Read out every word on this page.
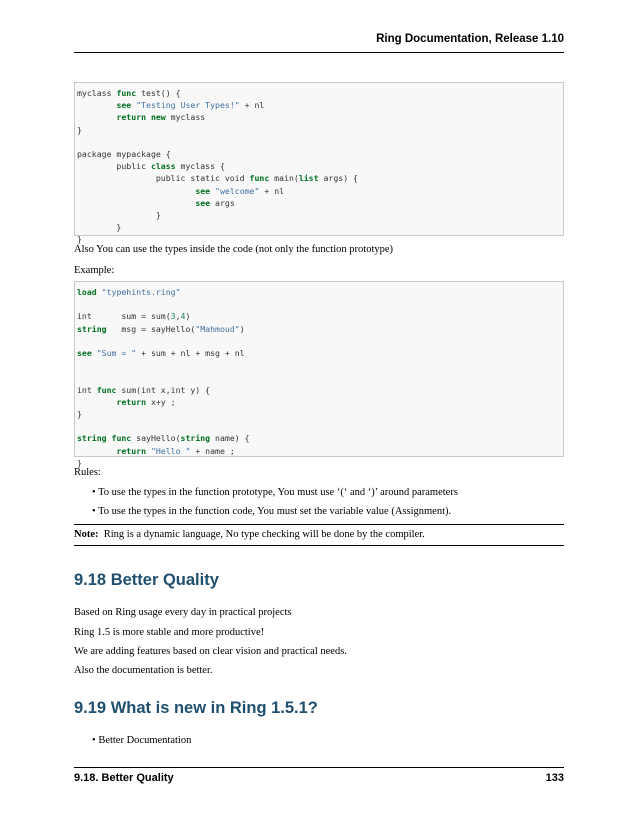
Ring Documentation, Release 1.10
myclass func test() {
see "Testing User Types!" + nl
return new myclass
}
package mypackage {
public class myclass {
public static void func main(list args) {
see "welcome" + nl
see args
}
}
}
Also You can use the types inside the code (not only the function prototype)
Example:
load "typehints.ring"
int      sum = sum(3,4)
string   msg = sayHello("Mahmoud")
see "Sum = " + sum + nl + msg + nl
int func sum(int x,int y) {
return x+y ;
}
string func sayHello(string name) {
return "Hello " + name ;
}
Rules:
• To use the types in the function prototype, You must use ‘(‘ and ‘)’ around parameters
• To use the types in the function code, You must set the variable value (Assignment).
Note: Ring is a dynamic language, No type checking will be done by the compiler.
9.18 Better Quality
Based on Ring usage every day in practical projects
Ring 1.5 is more stable and more productive!
We are adding features based on clear vision and practical needs.
Also the documentation is better.
9.19 What is new in Ring 1.5.1?
• Better Documentation
9.18. Better Quality	133
